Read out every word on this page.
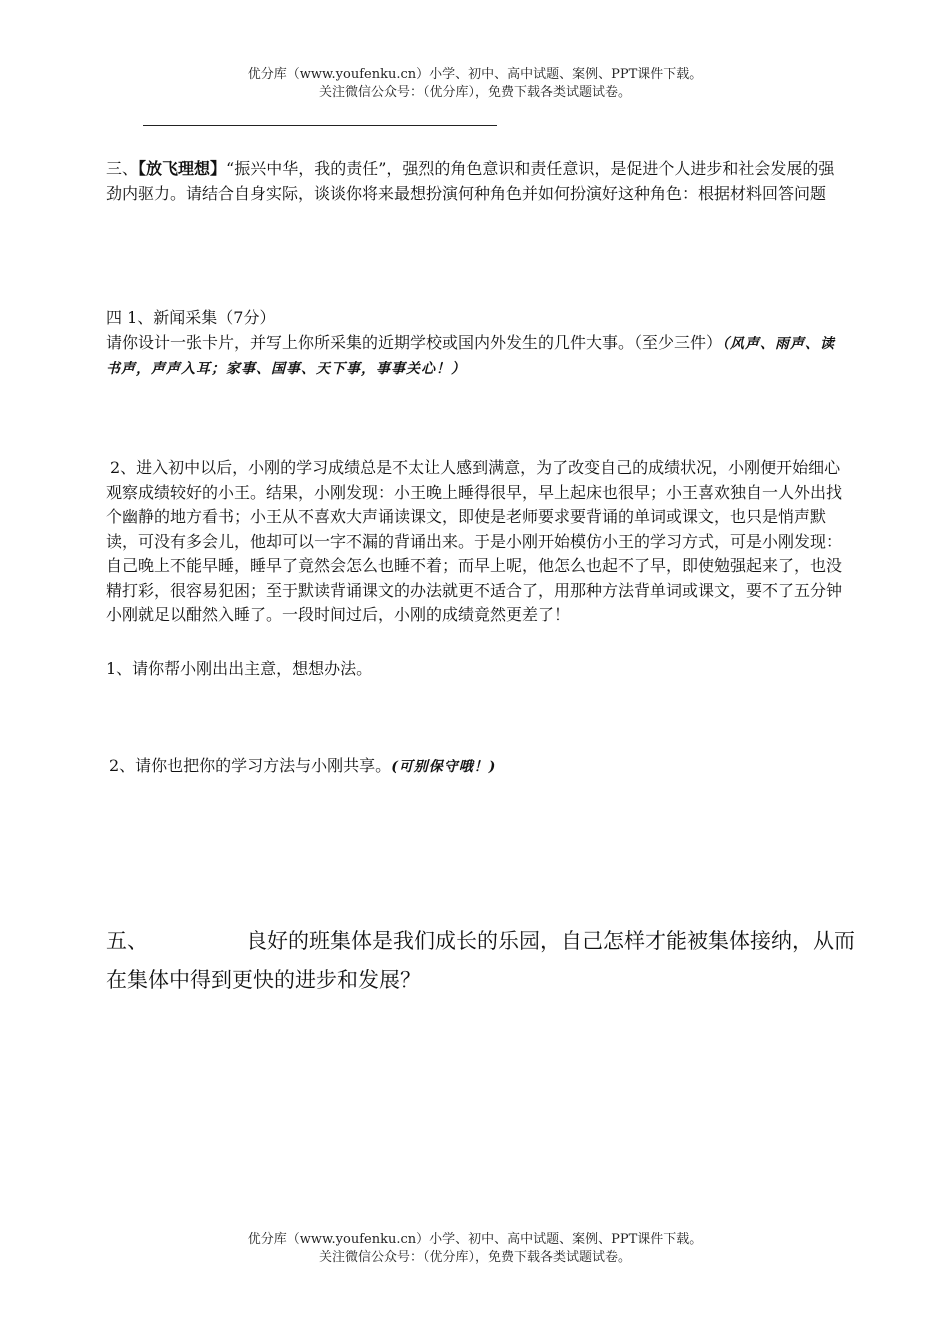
优分库（www.youfenku.cn）小学、初中、高中试题、案例、PPT课件下载。
关注微信公众号：（优分库），免费下载各类试题试卷。
三、【放飞理想】“振兴中华，我的责任”，强烈的角色意识和责任意识，是促进个人进步和社会发展的强劲内驱力。请结合自身实际，谈谈你将来最想扮演何种角色并如何扮演好这种角色：根据材料回答问题
四 1、新闻采集（7分）
请你设计一张卡片，并写上你所采集的近期学校或国内外发生的几件大事。（至少三件）（风声、雨声、读书声，声声入耳；家事、国事、天下事，事事关心！）
2、进入初中以后，小刚的学习成绩总是不太让人感到满意，为了改变自己的成绩状况，小刚便开始细心观察成绩较好的小王。结果，小刚发现：小王晚上睡得很早，早上起床也很早；小王喜欢独自一人外出找个幽静的地方看书；小王从不喜欢大声诵读课文，即使是老师要求要背诵的单词或课文，也只是悄声默读，可没有多会儿，他却可以一字不漏的背诵出来。于是小刚开始模仿小王的学习方式，可是小刚发现：自己晚上不能早睡，睡早了竟然会怎么也睡不着；而早上呢，他怎么也起不了早，即使勉强起来了，也没精打彩，很容易犯困；至于默读背诵课文的办法就更不适合了，用那种方法背单词或课文，要不了五分钟小刚就足以酣然入睡了。一段时间过后，小刚的成绩竟然更差了！
1、请你帮小刚出出主意，想想办法。
2、请你也把你的学习方法与小刚共享。(可别保守哦！)
五、	良好的班集体是我们成长的乐园，自己怎样才能被集体接纳，从而在集体中得到更快的进步和发展？
优分库（www.youfenku.cn）小学、初中、高中试题、案例、PPT课件下载。
关注微信公众号：（优分库），免费下载各类试题试卷。
